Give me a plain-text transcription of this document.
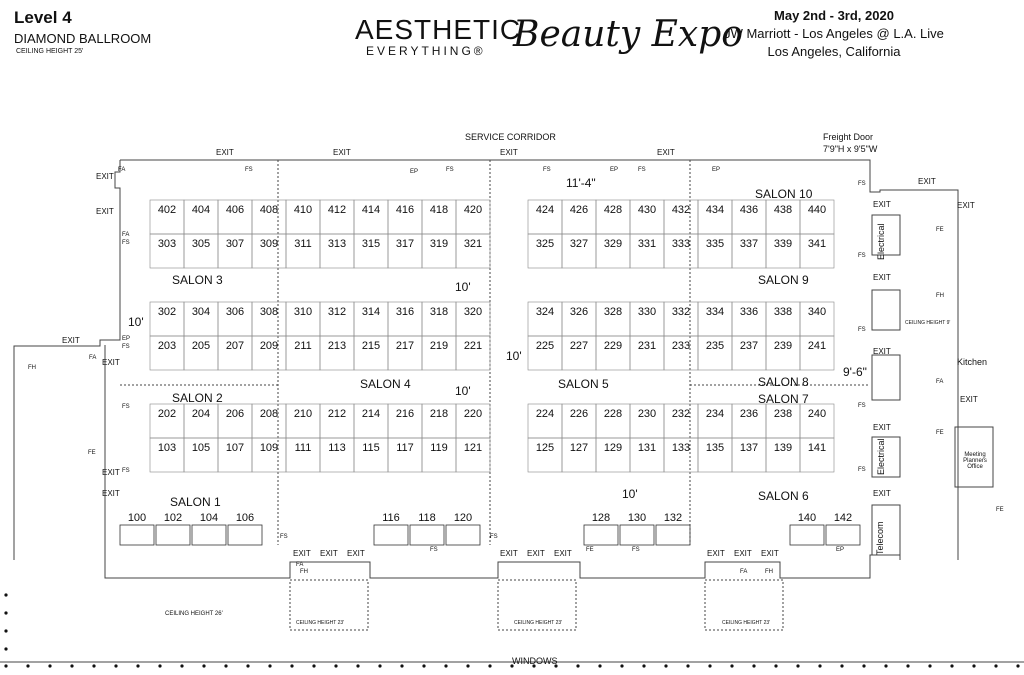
Level 4
DIAMOND BALLROOM
CEILING HEIGHT 25'
AESTHETIC
EVERYTHING® Beauty Expo	May 2nd - 3rd, 2020
JW Marriott - Los Angeles @ L.A. Live
Los Angeles, California
402 404 406 408 410 412 414 416 418 420	424 426 428 430 432 434 436 438 440
303 305 307 309 311 313 315 317 319 321	325 327 329 331 333 335 337 339 341
302 304 306 308 310 312 314 316 318 320	324 326 328 330 332 334 336 338 340
203 205 207 209 211 213 215 217 219 221	225 227 229 231 233 235 237 239 241
202 204 206 208 210 212 214 216 218 220	224 226 228 230 232 234 236 238 240
103 105 107 109 111 113 115 117 119 121	125 127 129 131 133 135 137 139 141
100 102 104 106	116 118 120	128 130 132	140 142
SERVICE CORRIDOR	Freight Door
7'9"H x 9'5"W
WINDOWS
Kitchen
Meeting Planners Office
Telecom
Electrical
Electrical
CEILING HEIGHT 26'
CEILING HEIGHT 23'	CEILING HEIGHT 23'	CEILING HEIGHT 23'
CEILING HEIGHT 9'
SALON 1
SALON 2
SALON 3
SALON 4	SALON 5
SALON 6
SALON 7
SALON 8
SALON 9
SALON 10
11'-4"
10'
10'
10'
10'
10'
9'-6"
EXIT	EXIT	EXIT	EXIT
EXIT
EXIT
EXIT
EXIT
EXIT
EXIT
EXIT
EXIT	EXIT
EXIT
EXIT
EXIT
EXIT
EXIT
EXIT EXIT EXIT	EXIT EXIT EXIT	EXIT EXIT EXIT
FA
FA
FA
FA
FA
FA
FS	FS	FS	FS
FS
FS
FS
FS
FS
FS	FS
FS	FS
FS
FS
FS
FS
EP	EP	EP
EP
EP
FE
FE
FE
FE
FE
FH
FH
FH	FH
